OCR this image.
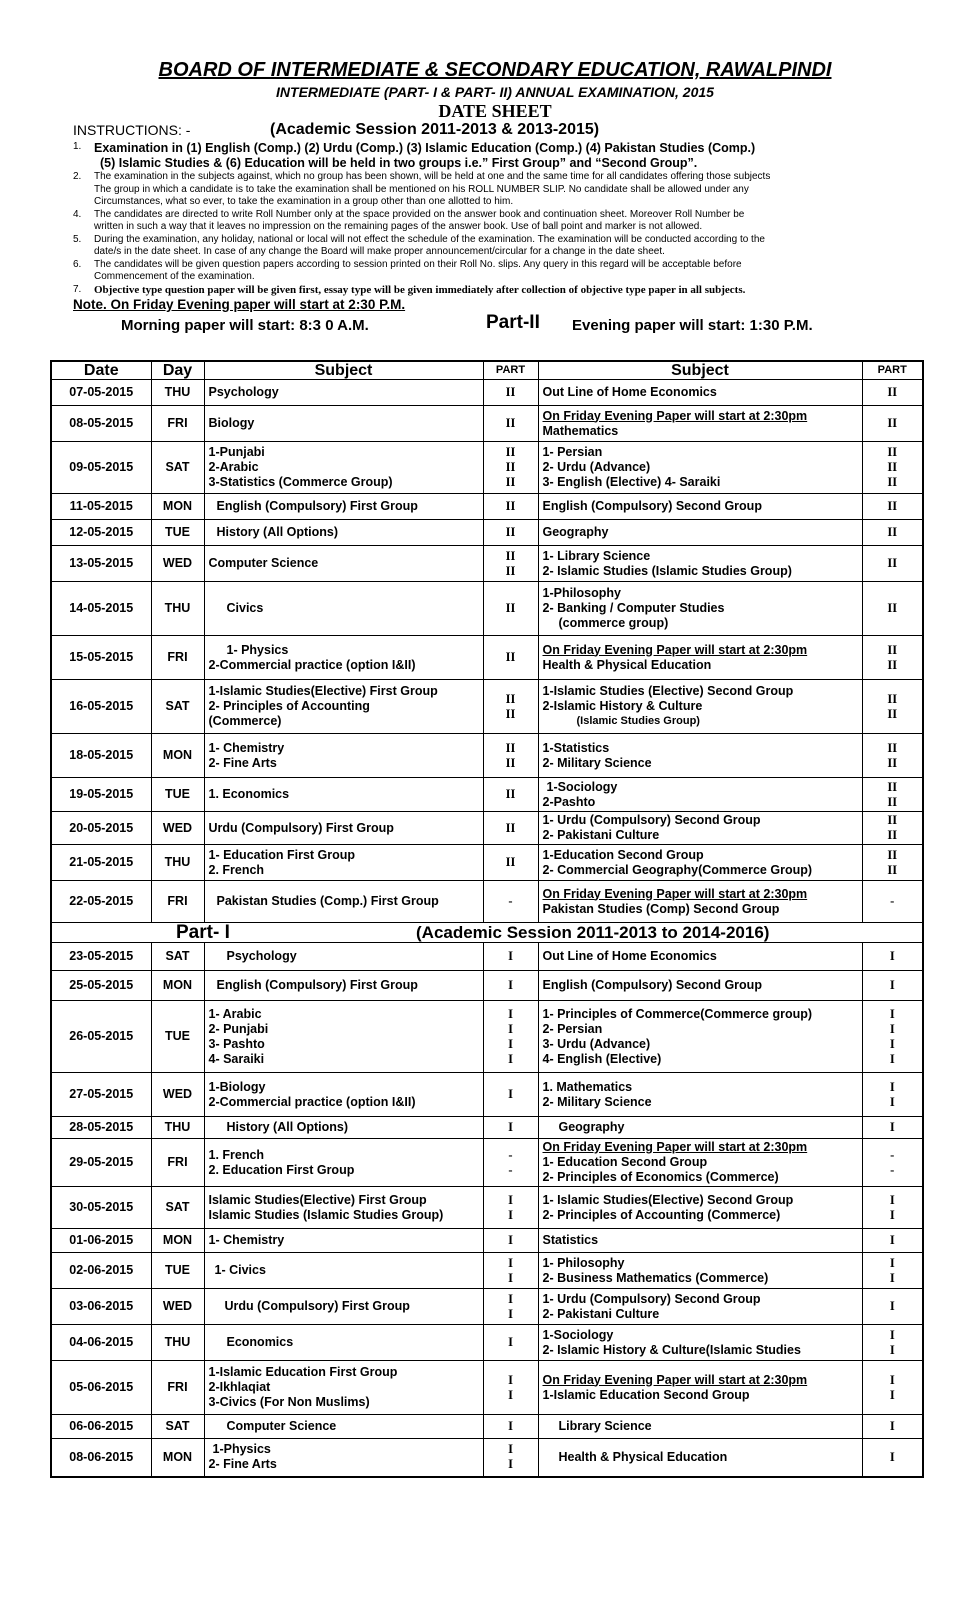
BOARD OF INTERMEDIATE & SECONDARY EDUCATION, RAWALPINDI
INTERMEDIATE (PART- I & PART- II) ANNUAL EXAMINATION, 2015
DATE SHEET
INSTRUCTIONS: -	(Academic Session 2011-2013 & 2013-2015)
1.	Examination in (1) English (Comp.) (2) Urdu (Comp.) (3) Islamic Education (Comp.) (4) Pakistan Studies (Comp.)
(5) Islamic Studies & (6) Education will be held in two groups i.e.” First Group” and “Second Group”.
2.	The examination in the subjects against, which no group has been shown, will be held at one and the same time for all candidates offering those subjects
The group in which a candidate is to take the examination shall be mentioned on his ROLL NUMBER SLIP. No candidate shall be allowed under any
Circumstances, what so ever, to take the examination in a group other than one allotted to him.
4.	The candidates are directed to write Roll Number only at the space provided on the answer book and continuation sheet. Moreover Roll Number be
written in such a way that it leaves no impression on the remaining pages of the answer book. Use of ball point and marker is not allowed.
5.	During the examination, any holiday, national or local will not effect the schedule of the examination. The examination will be conducted according to the
date/s in the date sheet. In case of any change the Board will make proper announcement/circular for a change in the date sheet.
6.	The candidates will be given question papers according to session printed on their Roll No. slips. Any query in this regard will be acceptable before
Commencement of the examination.
7.	Objective type question paper will be given first, essay type will be given immediately after collection of objective type paper in all subjects.
Note. On Friday Evening paper will start at 2:30 P.M.
Morning paper will start: 8:3 0 A.M.	Part-II Evening paper will start: 1:30 P.M.
Date	Day	Subject	PART	Subject	PART
07-05-2015	THU	Psychology	II	Out Line of Home Economics	II

08-05-2015	FRI	Biology	II	On Friday Evening Paper will start at 2:30pm
Mathematics	II

09-05-2015	SAT	1-Punjabi
2-Arabic
3-Statistics (Commerce Group)	II
II
II	1- Persian
2- Urdu (Advance)
3- English (Elective) 4- Saraiki	II
II
II

11-05-2015	MON	English (Compulsory) First Group	II	English (Compulsory) Second Group	II

12-05-2015	TUE	History (All Options)	II	Geography	II

13-05-2015	WED	Computer Science	II
II	1- Library Science
2- Islamic Studies (Islamic Studies Group)	II

14-05-2015	THU	Civics	II	1-Philosophy
2- Banking / Computer Studies
(commerce group)	II

15-05-2015	FRI	1- Physics
2-Commercial practice (option I&II)	II	On Friday Evening Paper will start at 2:30pm
Health & Physical Education	II
II

16-05-2015	SAT	1-Islamic Studies(Elective) First Group
2- Principles of Accounting
(Commerce)	II
II	1-Islamic Studies (Elective) Second Group
2-Islamic History & Culture
(Islamic Studies Group)	II
II

18-05-2015	MON	1- Chemistry
2- Fine Arts	II
II	1-Statistics
2- Military Science	II
II

19-05-2015	TUE	1. Economics	II	1-Sociology
2-Pashto	II
II

20-05-2015	WED	Urdu (Compulsory) First Group	II	1- Urdu (Compulsory) Second Group
2- Pakistani Culture	II
II

21-05-2015	THU	1- Education First Group
2. French	II	1-Education Second Group
2- Commercial Geography(Commerce Group)	II
II

22-05-2015	FRI	Pakistan Studies (Comp.) First Group	-	On Friday Evening Paper will start at 2:30pm
Pakistan Studies (Comp) Second Group	-

Part- I (Academic Session 2011-2013 to 2014-2016)					
23-05-2015	SAT	Psychology	I	Out Line of Home Economics	I

25-05-2015	MON	English (Compulsory) First Group	I	English (Compulsory) Second Group	I

26-05-2015	TUE	1- Arabic
2- Punjabi
3- Pashto
4- Saraiki	I
I
I
I	1- Principles of Commerce(Commerce group)
2- Persian
3- Urdu (Advance)
4- English (Elective)	I
I
I
I

27-05-2015	WED	1-Biology
2-Commercial practice (option I&II)	I	1. Mathematics
2- Military Science	I
I

28-05-2015	THU	History (All Options)	I	Geography	I

29-05-2015	FRI	1. French
2. Education First Group	-
-	On Friday Evening Paper will start at 2:30pm
1- Education Second Group
2- Principles of Economics (Commerce)	-
-

30-05-2015	SAT	Islamic Studies(Elective) First Group
Islamic Studies (Islamic Studies Group)	I
I	1- Islamic Studies(Elective) Second Group
2- Principles of Accounting (Commerce)	I
I

01-06-2015	MON	1- Chemistry	I	Statistics	I

02-06-2015	TUE	1- Civics	I
I	1- Philosophy
2- Business Mathematics (Commerce)	I
I

03-06-2015	WED	Urdu (Compulsory) First Group	I
I	1- Urdu (Compulsory) Second Group
2- Pakistani Culture	I

04-06-2015	THU	Economics	I	1-Sociology
2- Islamic History & Culture(Islamic Studies	I
I

05-06-2015	FRI	1-Islamic Education First Group
2-Ikhlaqiat
3-Civics (For Non Muslims)	I
I	On Friday Evening Paper will start at 2:30pm
1-Islamic Education Second Group	I
I

06-06-2015	SAT	Computer Science	I	Library Science	I

08-06-2015	MON	1-Physics
2- Fine Arts	I
I	Health & Physical Education	I
